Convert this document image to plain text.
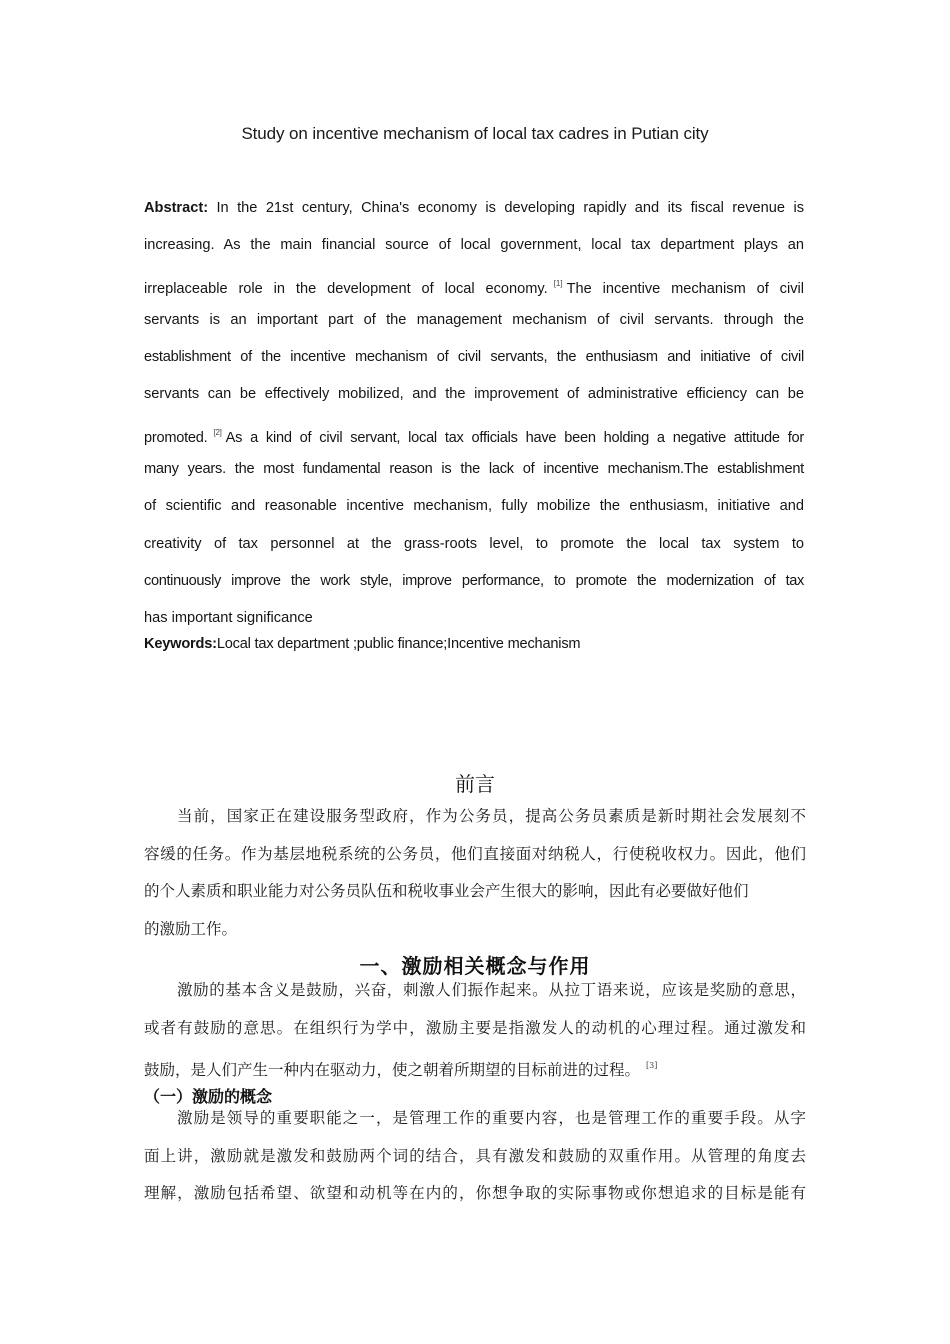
Study on incentive mechanism of local tax cadres in Putian city
Abstract: In the 21st century, China's economy is developing rapidly and its fiscal revenue is
increasing. As the main financial source of local government, local tax department plays an
irreplaceable role in the development of local economy. [1] The incentive mechanism of civil
servants is an important part of the management mechanism of civil servants. through the
establishment of the incentive mechanism of civil servants, the enthusiasm and initiative of civil
servants can be effectively mobilized, and the improvement of administrative efficiency can be
promoted. [2] As a kind of civil servant, local tax officials have been holding a negative attitude for
many years. the most fundamental reason is the lack of incentive mechanism.The establishment
of scientific and reasonable incentive mechanism, fully mobilize the enthusiasm, initiative and
creativity of tax personnel at the grass-roots level, to promote the local tax system to
continuously improve the work style, improve performance, to promote the modernization of tax
has important significance
Keywords:Local tax department ;public finance;Incentive mechanism
前言
当前，国家正在建设服务型政府，作为公务员，提高公务员素质是新时期社会发展刻不
容缓的任务。作为基层地税系统的公务员，他们直接面对纳税人，行使税收权力。因此，他们
的个人素质和职业能力对公务员队伍和税收事业会产生很大的影响，因此有必要做好他们
的激励工作。
一、激励相关概念与作用
激励的基本含义是鼓励，兴奋，刺激人们振作起来。从拉丁语来说，应该是奖励的意思，
或者有鼓励的意思。在组织行为学中，激励主要是指激发人的动机的心理过程。通过激发和
鼓励，是人们产生一种内在驱动力，使之朝着所期望的目标前进的过程。 [3]
（一）激励的概念
激励是领导的重要职能之一，是管理工作的重要内容，也是管理工作的重要手段。从字
面上讲，激励就是激发和鼓励两个词的结合，具有激发和鼓励的双重作用。从管理的角度去
理解，激励包括希望、欲望和动机等在内的，你想争取的实际事物或你想追求的目标是能有
